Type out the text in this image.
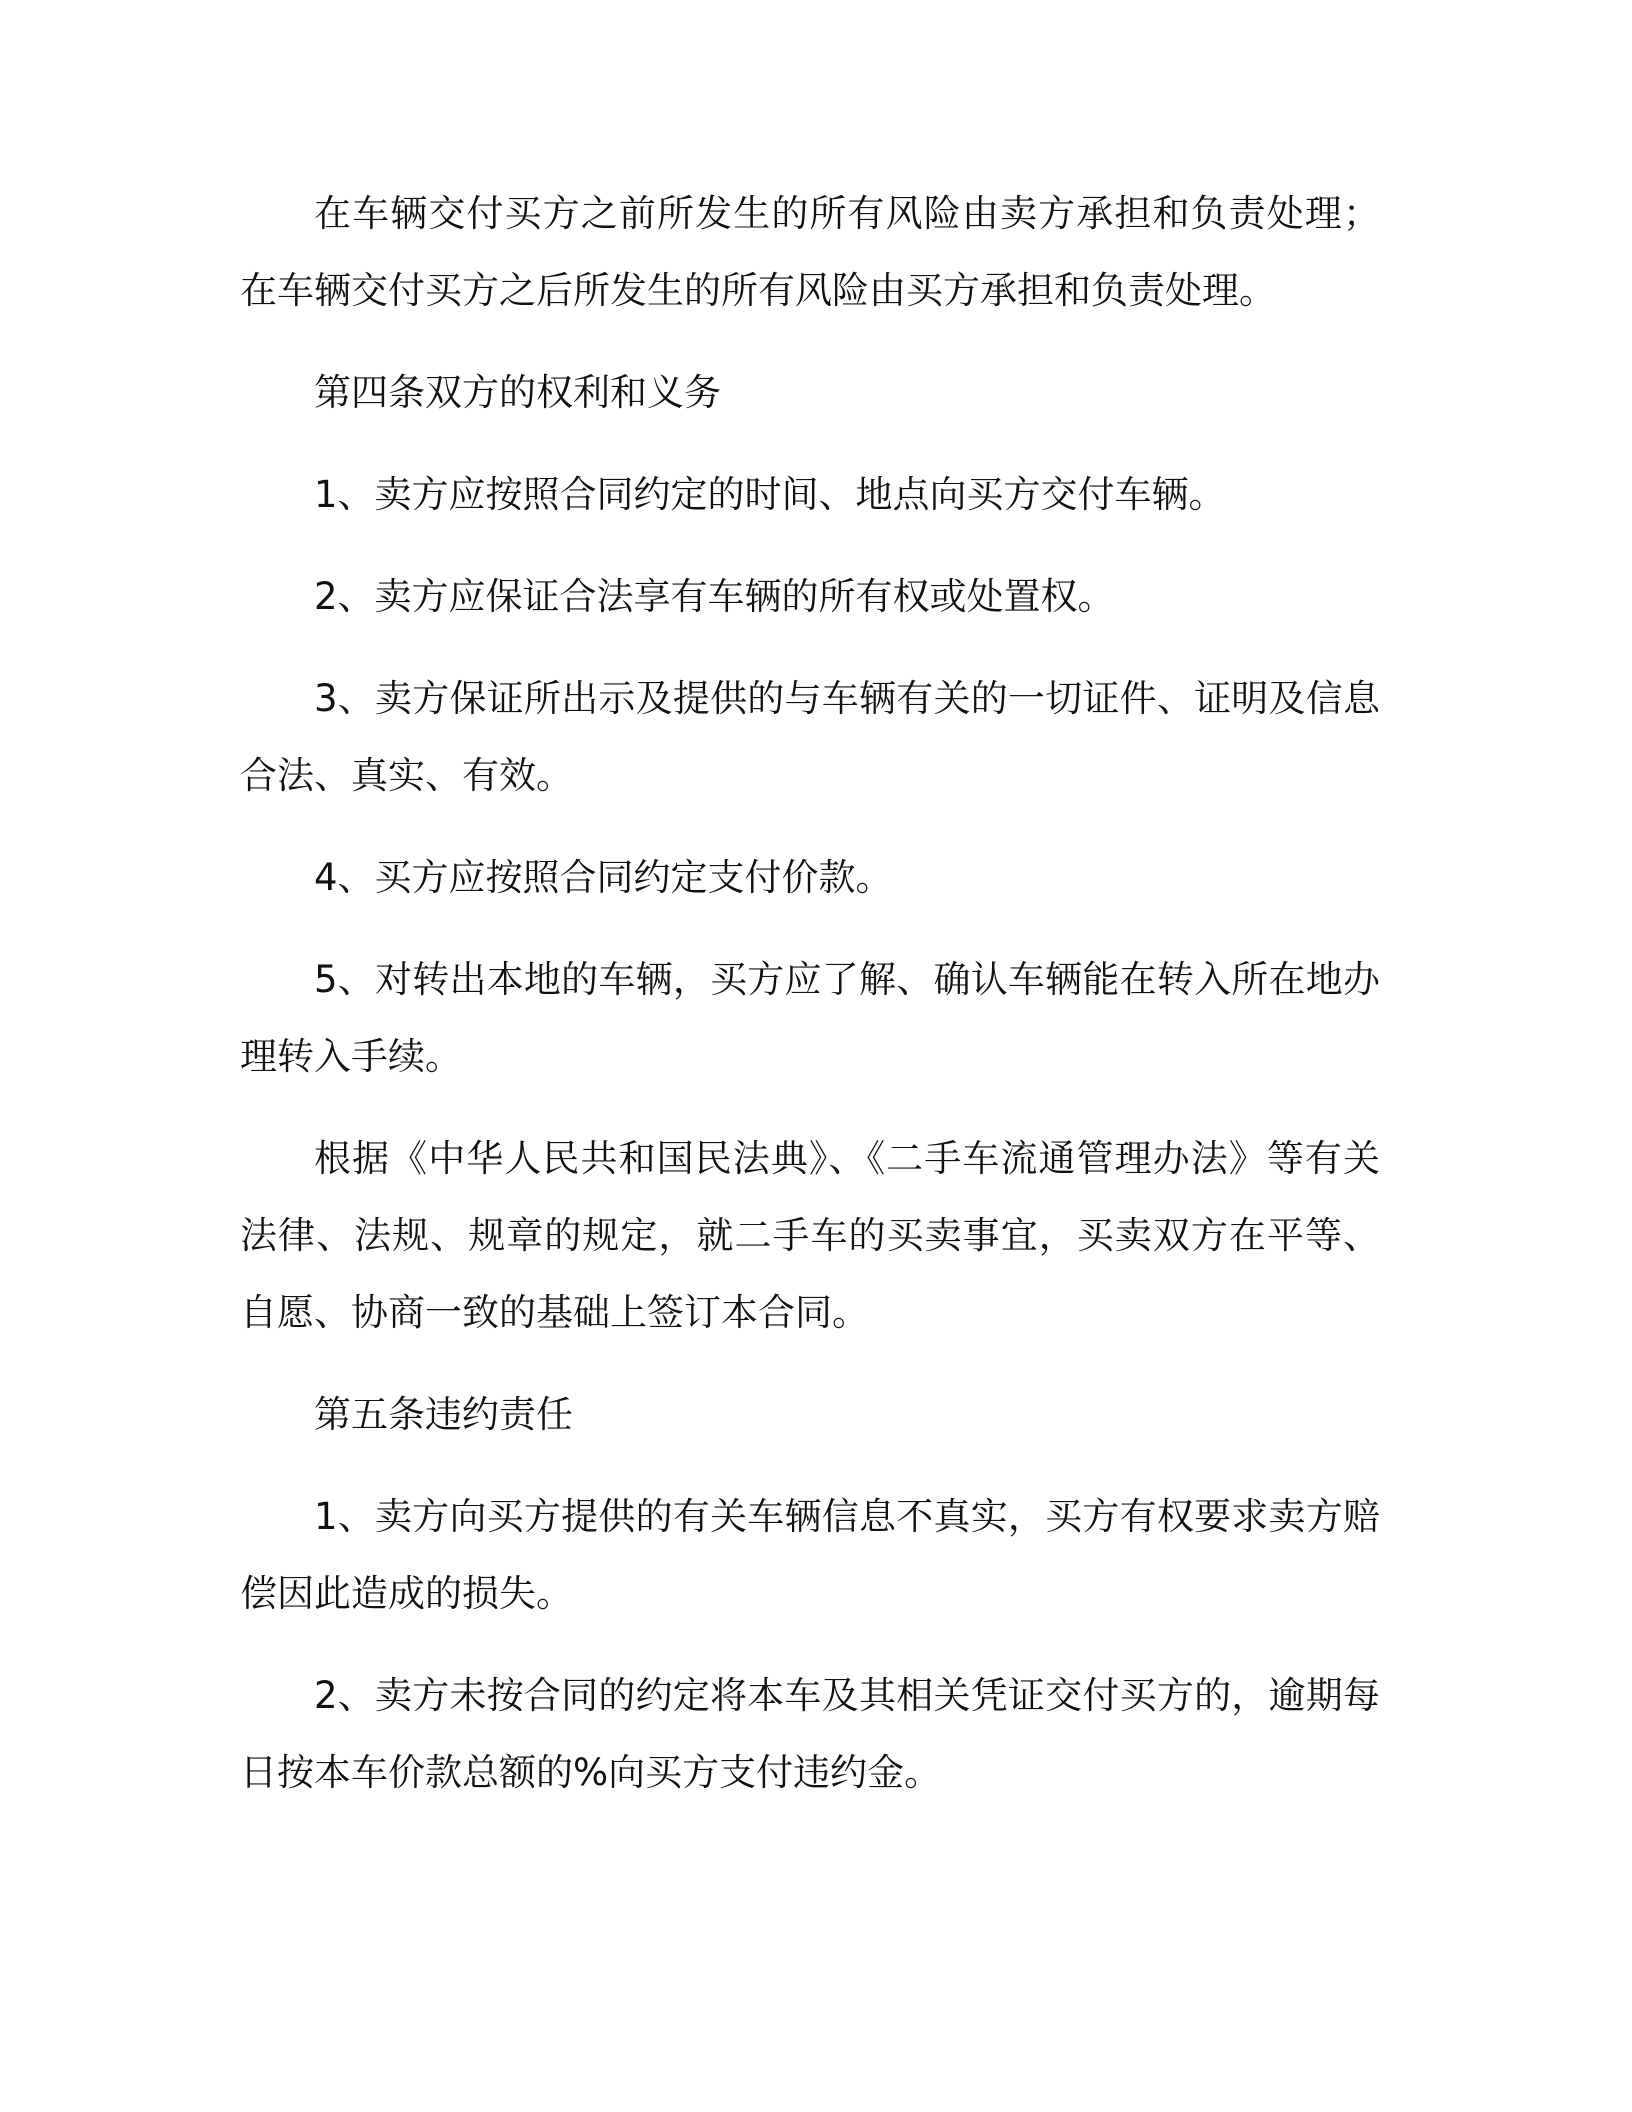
在车辆交付买方之前所发生的所有风险由卖方承担和负责处理；在车辆交付买方之后所发生的所有风险由买方承担和负责处理。

第四条双方的权利和义务

1、卖方应按照合同约定的时间、地点向买方交付车辆。

2、卖方应保证合法享有车辆的所有权或处置权。

3、卖方保证所出示及提供的与车辆有关的一切证件、证明及信息合法、真实、有效。

4、买方应按照合同约定支付价款。

5、对转出本地的车辆，买方应了解、确认车辆能在转入所在地办理转入手续。

根据《中华人民共和国民法典》、《二手车流通管理办法》等有关法律、法规、规章的规定，就二手车的买卖事宜，买卖双方在平等、自愿、协商一致的基础上签订本合同。

第五条违约责任

1、卖方向买方提供的有关车辆信息不真实，买方有权要求卖方赔偿因此造成的损失。

2、卖方未按合同的约定将本车及其相关凭证交付买方的，逾期每日按本车价款总额的%向买方支付违约金。
